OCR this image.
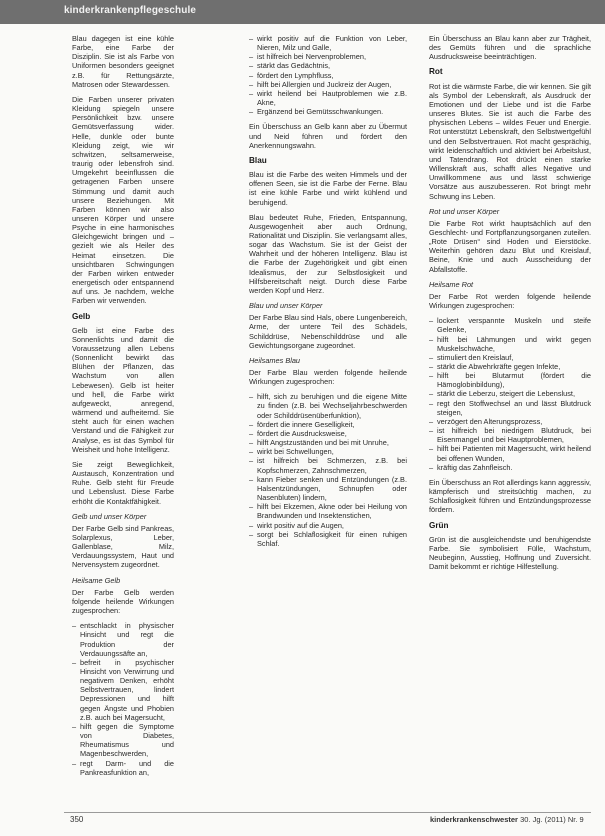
kinderkrankenpflegeschule

Blau dagegen ist eine kühle Farbe, eine Farbe der Disziplin. Sie ist als Farbe von Uniformen besonders geeignet z.B. für Rettungsärzte, Matrosen oder Stewardessen.

Die Farben unserer privaten Kleidung spiegeln unsere Persönlichkeit bzw. unsere Gemütsverfassung wider. Helle, dunkle oder bunte Kleidung zeigt, wie wir schwitzen, seltsamerweise, traurig oder lebensfroh sind. Umgekehrt beeinflussen die getragenen Farben unsere Stimmung und damit auch unsere Beziehungen. Mit Farben können wir also unseren Körper und unsere Psyche in eine harmonisches Gleichgewicht bringen und – gezielt wie als Heiler des Heimat einsetzen. Die unsichtbaren Schwingungen der Farben wirken entweder energetisch oder entspannend auf uns. Je nachdem, welche Farben wir verwenden.

Gelb

Gelb ist eine Farbe des Sonnenlichts und damit die Voraussetzung allen Lebens (Sonnenlicht bewirkt das Blühen der Pflanzen, das Wachstum von allen Lebewesen). Gelb ist heiter und hell, die Farbe wirkt aufgeweckt, anregend, wärmend und aufheiternd. Sie steht auch für einen wachen Verstand und die Fähigkeit zur Analyse, es ist das Symbol für Weisheit und hohe Intelligenz.

Sie zeigt Beweglichkeit, Austausch, Konzentration und Ruhe. Gelb steht für Freude und Lebenslust. Diese Farbe erhöht die Kontaktfähigkeit.

Gelb und unser Körper

Der Farbe Gelb sind Pankreas, Solarplexus, Leber, Gallenblase, Milz, Verdauungssystem, Haut und Nervensystem zugeordnet.

Heilsame Gelb

Der Farbe Gelb werden folgende heilende Wirkungen zugesprochen:

– entschlackt in physischer Hinsicht und regt die Produktion der Verdauungssäfte an,
– befreit in psychischer Hinsicht von Verwirrung und negativem Denken, erhöht Selbstvertrauen, lindert Depressionen und hilft gegen Ängste und Phobien z.B. auch bei Magersucht,
– hilft gegen die Symptome von Diabetes, Rheumatismus und Magenbeschwerden,
– regt Darm- und die Pankreasfunktion an,
– wirkt positiv auf die Funktion von Leber, Nieren, Milz und Galle,
– ist hilfreich bei Nervenproblemen,
– stärkt das Gedächtnis,
– fördert den Lymphfluss,
– hilft bei Allergien und Juckreiz der Augen,
– wirkt heilend bei Hautproblemen wie z.B. Akne,
– Ergänzend bei Gemütsschwankungen.

Ein Überschuss an Gelb kann aber zu Übermut und Neid führen und fördert den Anerkennungswahn.

Blau

Blau ist die Farbe des weiten Himmels und der offenen Seen, sie ist die Farbe der Ferne. Blau ist eine kühle Farbe und wirkt kühlend und beruhigend.

Blau bedeutet Ruhe, Frieden, Entspannung, Ausgewogenheit aber auch Ordnung, Rationalität und Disziplin. Sie verlangsamt alles, sogar das Wachstum. Sie ist der Geist der Wahrheit und der höheren Intelligenz. Blau ist die Farbe der Zugehörigkeit und gibt einen Idealismus, der zur Selbstlosigkeit und Hilfsbereitschaft neigt. Durch diese Farbe werden Kopf und Herz.

Blau und unser Körper

Der Farbe Blau sind Hals, obere Lungenbereich, Arme, der untere Teil des Schädels, Schilddrüse, Nebenschilddrüse und alle Gewichtungsorgane zugeordnet.

Heilsames Blau

Der Farbe Blau werden folgende heilende Wirkungen zugesprochen:

– hilft, sich zu beruhigen und die eigene Mitte zu finden (z.B. bei Wechseljahrbeschwerden oder Schilddrüsenüberfunktion),
– fördert die innere Geselligkeit,
– fördert die Ausdrucksweise,
– hilft Angstzuständen und bei mit Unruhe,
– wirkt bei Schwellungen,
– ist hilfreich bei Schmerzen, z.B. bei Kopfschmerzen, Zahnschmerzen,
– kann Fieber senken und Entzündungen (z.B. Halsentzündungen, Schnupfen oder Nasenbluten) lindern,
– hilft bei Ekzemen, Akne oder bei Heilung von Brandwunden und Insektenstichen,
– wirkt positiv auf die Augen,
– sorgt bei Schlaflosigkeit für einen ruhigen Schlaf.

Ein Überschuss an Blau kann aber zur Trägheit, des Gemüts führen und die sprachliche Ausdrucksweise beeinträchtigen.

Rot

Rot ist die wärmste Farbe, die wir kennen. Sie gilt als Symbol der Lebenskraft, als Ausdruck der Emotionen und der Liebe und ist die Farbe unseres Blutes. Sie ist auch die Farbe des physischen Lebens – wildes Feuer und Energie. Rot unterstützt Lebenskraft, den Selbstwertgefühl und den Selbstvertrauen. Rot macht gesprächig, wirkt leidenschaftlich und aktiviert bei Arbeitslust, und Tatendrang. Rot drückt einen starke Willenskraft aus, schafft alles Negative und Unwillkommene aus und lässt schwierige Vorsätze aus auszubesseren. Rot bringt mehr Schwung ins Leben.

Rot und unser Körper

Die Farbe Rot wirkt hauptsächlich auf den Geschlecht- und Fortpflanzungsorganen zuteilen. „Rote Drüsen“ sind Hoden und Eierstöcke. Weiterhin gehören dazu Blut und Kreislauf, Beine, Knie und auch Ausscheidung der Abfallstoffe.

Heilsame Rot

Der Farbe Rot werden folgende heilende Wirkungen zugesprochen:

– lockert verspannte Muskeln und steife Gelenke,
– hilft bei Lähmungen und wirkt gegen Muskelschwäche,
– stimuliert den Kreislauf,
– stärkt die Abwehrkräfte gegen Infekte,
– hilft bei Blutarmut (fördert die Hämoglobinbildung),
– stärkt die Leberzu, steigert die Lebenslust,
– regt den Stoffwechsel an und lässt Blutdruck steigen,
– verzögert den Alterungsprozess,
– ist hilfreich bei niedrigem Blutdruck, bei Eisenmangel und bei Hauptproblemen,
– hilft bei Patienten mit Magersucht, wirkt heilend bei offenen Wunden,
– kräftig das Zahnfleisch.

Ein Überschuss an Rot allerdings kann aggressiv, kämpferisch und streitsüchtig machen, zu Schlaflosigkeit führen und Entzündungsprozesse fördern.

Grün

Grün ist die ausgleichendste und beruhigendste Farbe. Sie symbolisiert Fülle, Wachstum, Neubeginn, Ausstieg, Hoffnung und Zuversicht. Damit bekommt er richtige Hilfestellung.

350	kinderkrankenschwester 30. Jg. (2011) Nr. 9
